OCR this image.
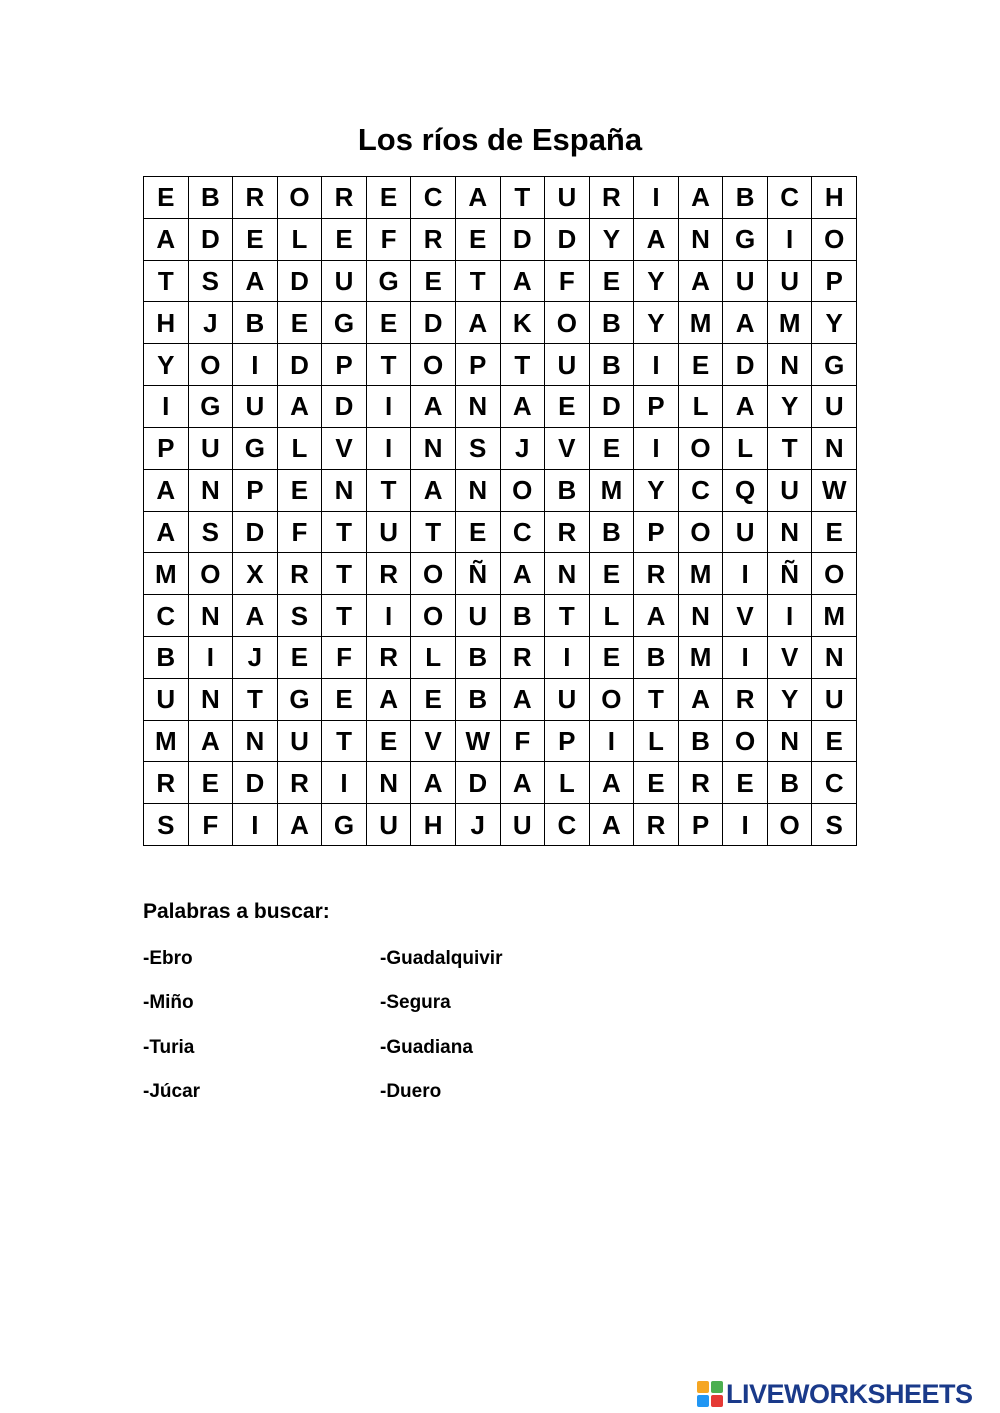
Los ríos de España
E	B	R	O	R	E	C	A	T	U	R	I	A	B	C	H
A	D	E	L	E	F	R	E	D	D	Y	A	N	G	I	O
T	S	A	D	U	G	E	T	A	F	E	Y	A	U	U	P
H	J	B	E	G	E	D	A	K	O	B	Y	M	A	M	Y
Y	O	I	D	P	T	O	P	T	U	B	I	E	D	N	G
I	G	U	A	D	I	A	N	A	E	D	P	L	A	Y	U
P	U	G	L	V	I	N	S	J	V	E	I	O	L	T	N
A	N	P	E	N	T	A	N	O	B	M	Y	C	Q	U	W
A	S	D	F	T	U	T	E	C	R	B	P	O	U	N	E
M	O	X	R	T	R	O	Ñ	A	N	E	R	M	I	Ñ	O
C	N	A	S	T	I	O	U	B	T	L	A	N	V	I	M
B	I	J	E	F	R	L	B	R	I	E	B	M	I	V	N
U	N	T	G	E	A	E	B	A	U	O	T	A	R	Y	U
M	A	N	U	T	E	V	W	F	P	I	L	B	O	N	E
R	E	D	R	I	N	A	D	A	L	A	E	R	E	B	C
S	F	I	A	G	U	H	J	U	C	A	R	P	I	O	S
Palabras a buscar:
-Ebro
-Miño
-Turia
-Júcar
-Guadalquivir
-Segura
-Guadiana
-Duero
LIVEWORKSHEETS
